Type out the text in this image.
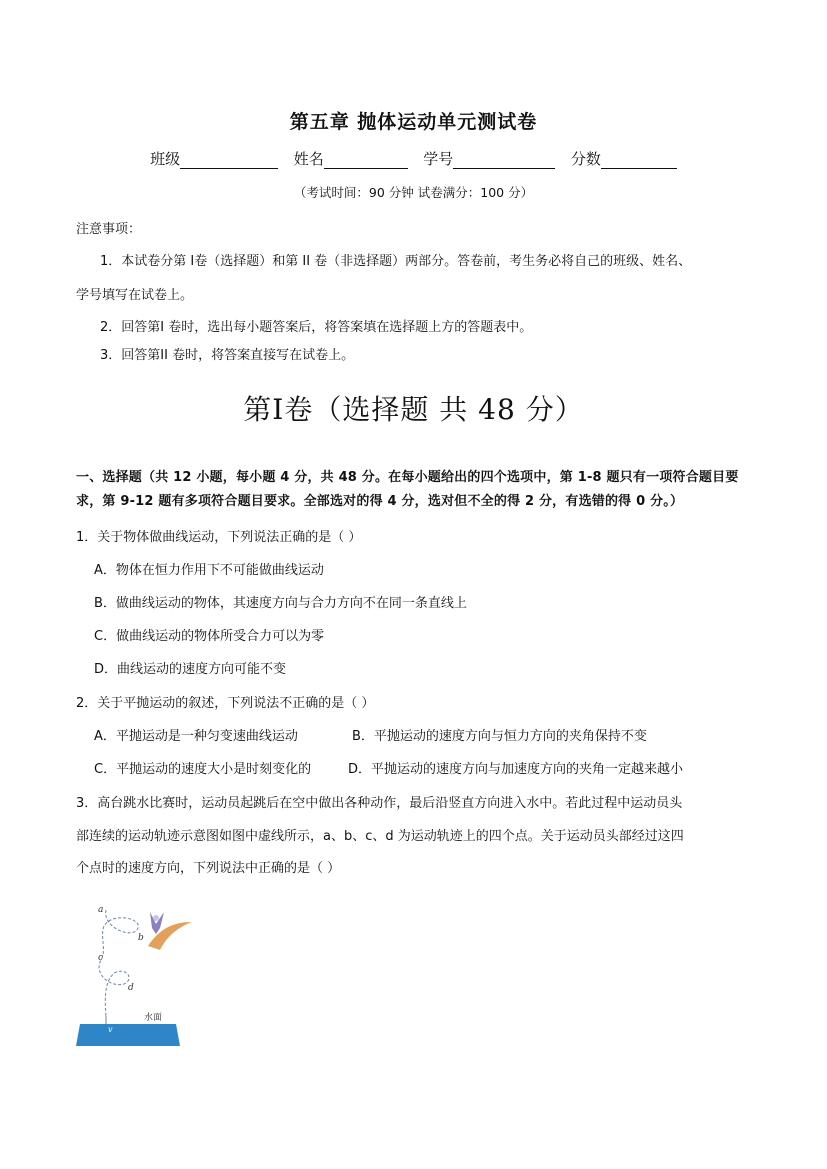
第五章 抛体运动单元测试卷
班级	姓名	学号	分数
（考试时间：90 分钟 试卷满分：100 分）
注意事项：
1．本试卷分第 I卷（选择题）和第 II 卷（非选择题）两部分。答卷前，考生务必将自己的班级、姓名、
学号填写在试卷上。
2．回答第I 卷时，选出每小题答案后，将答案填在选择题上方的答题表中。
3．回答第II 卷时，将答案直接写在试卷上。
第I卷（选择题 共 48 分）
一、选择题（共 12 小题，每小题 4 分，共 48 分。在每小题给出的四个选项中，第 1-8 题只有一项符合题目要求，第 9-12 题有多项符合题目要求。全部选对的得 4 分，选对但不全的得 2 分，有选错的得 0 分。）
1．关于物体做曲线运动，下列说法正确的是（ ）
A．物体在恒力作用下不可能做曲线运动
B．做曲线运动的物体，其速度方向与合力方向不在同一条直线上
C．做曲线运动的物体所受合力可以为零
D．曲线运动的速度方向可能不变
2．关于平抛运动的叙述，下列说法不正确的是（ ）
A．平抛运动是一种匀变速曲线运动	B．平抛运动的速度方向与恒力方向的夹角保持不变
C．平抛运动的速度大小是时刻变化的	D．平抛运动的速度方向与加速度方向的夹角一定越来越小
3．高台跳水比赛时，运动员起跳后在空中做出各种动作，最后沿竖直方向进入水中。若此过程中运动员头
部连续的运动轨迹示意图如图中虚线所示，a、b、c、d 为运动轨迹上的四个点。关于运动员头部经过这四
个点时的速度方向，下列说法中正确的是（ ）
a
b
c
d
v
水面
